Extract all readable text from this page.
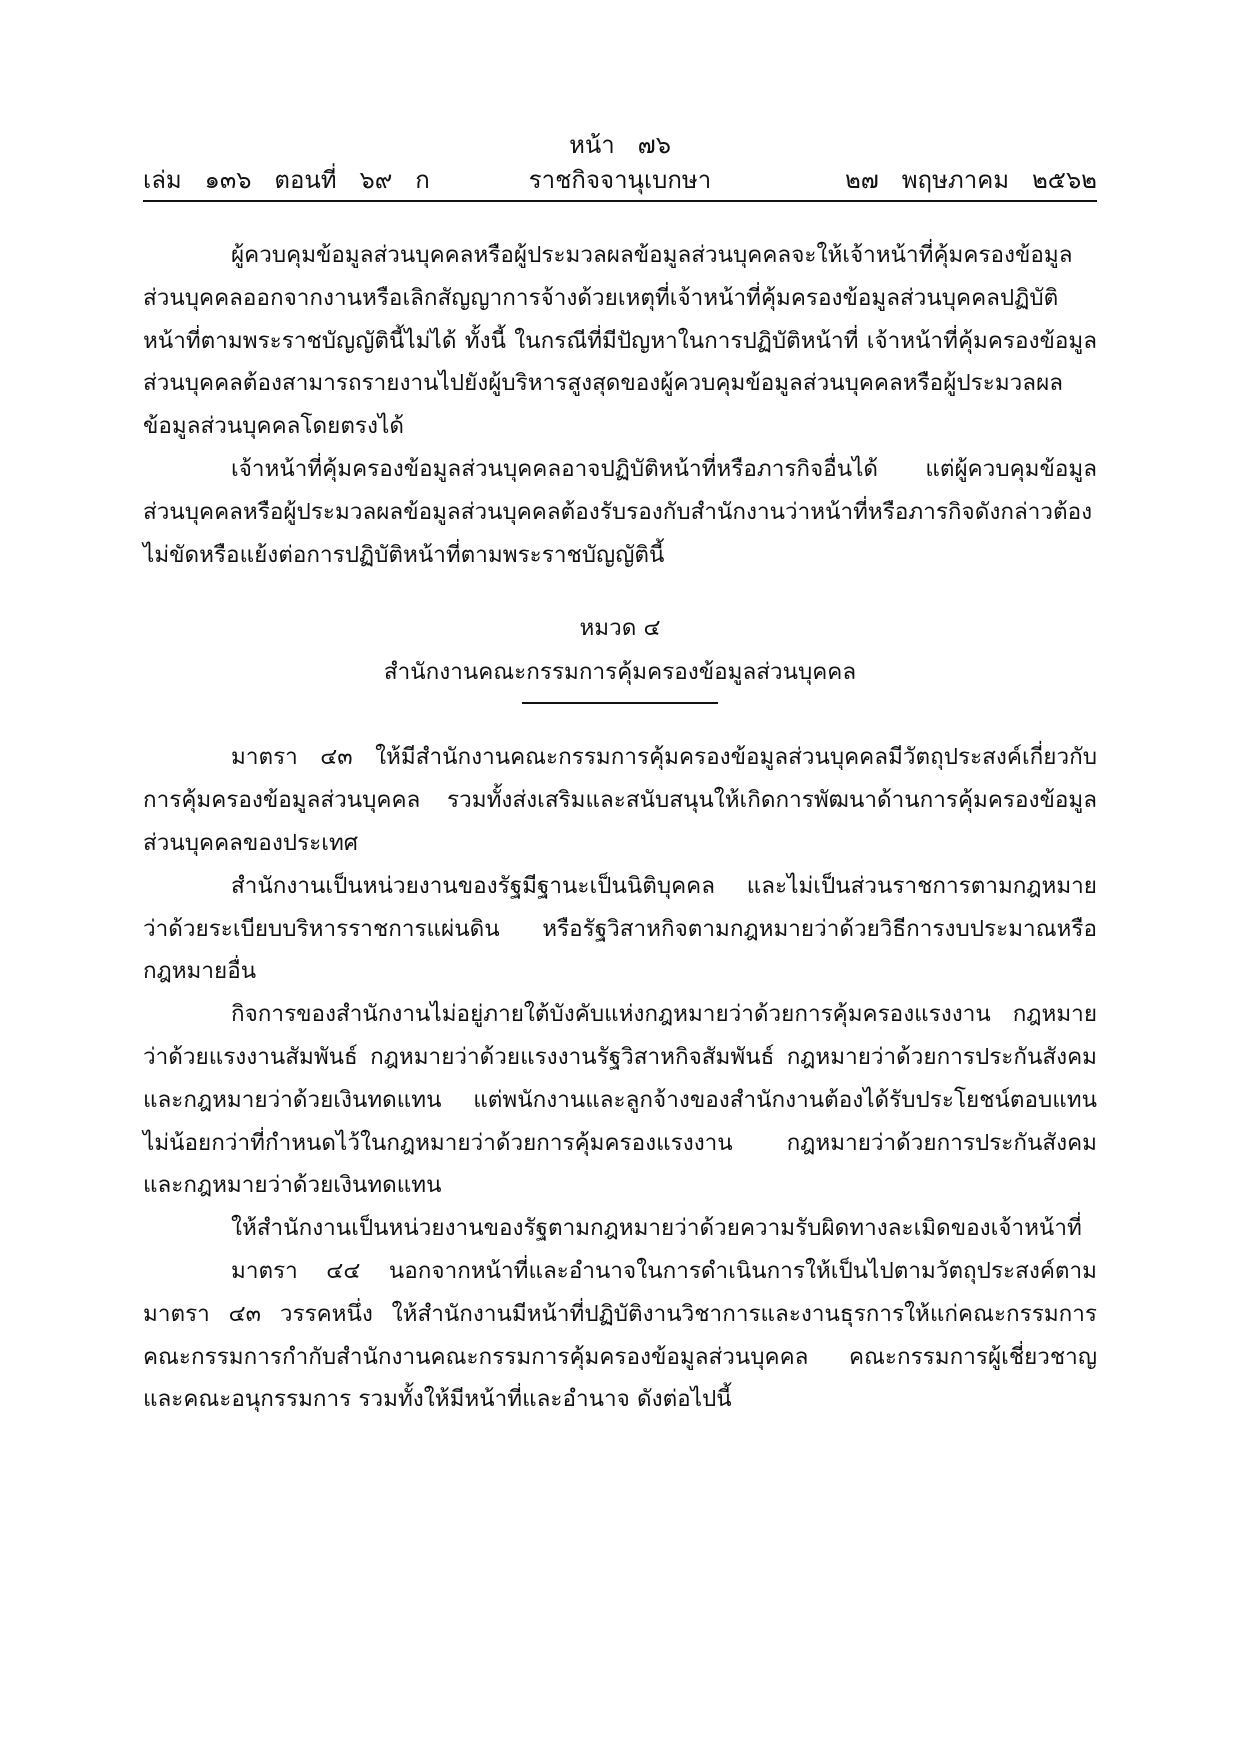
หน้า   ๗๖
เล่ม   ๑๓๖   ตอนที่   ๖๙   ก	ราชกิจจานุเบกษา	๒๗   พฤษภาคม   ๒๕๖๒

ผู้ควบคุมข้อมูลส่วนบุคคลหรือผู้ประมวลผลข้อมูลส่วนบุคคลจะให้เจ้าหน้าที่คุ้มครองข้อมูลส่วนบุคคลออกจากงานหรือเลิกสัญญาการจ้างด้วยเหตุที่เจ้าหน้าที่คุ้มครองข้อมูลส่วนบุคคลปฏิบัติหน้าที่ตามพระราชบัญญัตินี้ไม่ได้ ทั้งนี้ ในกรณีที่มีปัญหาในการปฏิบัติหน้าที่ เจ้าหน้าที่คุ้มครองข้อมูลส่วนบุคคลต้องสามารถรายงานไปยังผู้บริหารสูงสุดของผู้ควบคุมข้อมูลส่วนบุคคลหรือผู้ประมวลผลข้อมูลส่วนบุคคลโดยตรงได้

เจ้าหน้าที่คุ้มครองข้อมูลส่วนบุคคลอาจปฏิบัติหน้าที่หรือภารกิจอื่นได้ แต่ผู้ควบคุมข้อมูลส่วนบุคคลหรือผู้ประมวลผลข้อมูลส่วนบุคคลต้องรับรองกับสำนักงานว่าหน้าที่หรือภารกิจดังกล่าวต้องไม่ขัดหรือแย้งต่อการปฏิบัติหน้าที่ตามพระราชบัญญัตินี้

หมวด ๔

สำนักงานคณะกรรมการคุ้มครองข้อมูลส่วนบุคคล

มาตรา ๔๓ ให้มีสำนักงานคณะกรรมการคุ้มครองข้อมูลส่วนบุคคลมีวัตถุประสงค์เกี่ยวกับการคุ้มครองข้อมูลส่วนบุคคล รวมทั้งส่งเสริมและสนับสนุนให้เกิดการพัฒนาด้านการคุ้มครองข้อมูลส่วนบุคคลของประเทศ

สำนักงานเป็นหน่วยงานของรัฐมีฐานะเป็นนิติบุคคล และไม่เป็นส่วนราชการตามกฎหมายว่าด้วยระเบียบบริหารราชการแผ่นดิน หรือรัฐวิสาหกิจตามกฎหมายว่าด้วยวิธีการงบประมาณหรือกฎหมายอื่น

กิจการของสำนักงานไม่อยู่ภายใต้บังคับแห่งกฎหมายว่าด้วยการคุ้มครองแรงงาน กฎหมายว่าด้วยแรงงานสัมพันธ์ กฎหมายว่าด้วยแรงงานรัฐวิสาหกิจสัมพันธ์ กฎหมายว่าด้วยการประกันสังคมและกฎหมายว่าด้วยเงินทดแทน แต่พนักงานและลูกจ้างของสำนักงานต้องได้รับประโยชน์ตอบแทนไม่น้อยกว่าที่กำหนดไว้ในกฎหมายว่าด้วยการคุ้มครองแรงงาน กฎหมายว่าด้วยการประกันสังคม และกฎหมายว่าด้วยเงินทดแทน

ให้สำนักงานเป็นหน่วยงานของรัฐตามกฎหมายว่าด้วยความรับผิดทางละเมิดของเจ้าหน้าที่

มาตรา ๔๔ นอกจากหน้าที่และอำนาจในการดำเนินการให้เป็นไปตามวัตถุประสงค์ตามมาตรา ๔๓ วรรคหนึ่ง ให้สำนักงานมีหน้าที่ปฏิบัติงานวิชาการและงานธุรการให้แก่คณะกรรมการคณะกรรมการกำกับสำนักงานคณะกรรมการคุ้มครองข้อมูลส่วนบุคคล คณะกรรมการผู้เชี่ยวชาญ และคณะอนุกรรมการ รวมทั้งให้มีหน้าที่และอำนาจ ดังต่อไปนี้
